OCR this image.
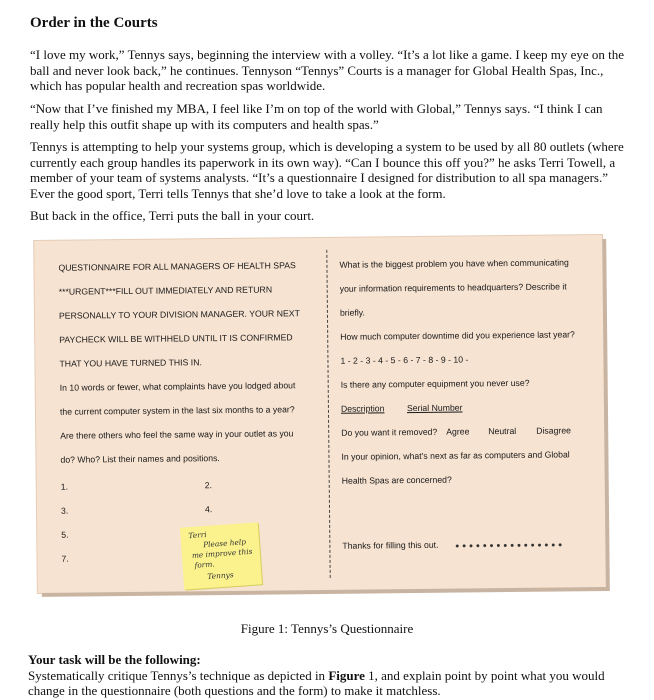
Order in the Courts

“I love my work,” Tennys says, beginning the interview with a volley. “It’s a lot like a game. I keep my eye on the ball and never look back,” he continues. Tennyson “Tennys” Courts is a manager for Global Health Spas, Inc., which has popular health and recreation spas worldwide.

“Now that I’ve finished my MBA, I feel like I’m on top of the world with Global,” Tennys says. “I think I can really help this outfit shape up with its computers and health spas.”

Tennys is attempting to help your systems group, which is developing a system to be used by all 80 outlets (where currently each group handles its paperwork in its own way). “Can I bounce this off you?” he asks Terri Towell, a member of your team of systems analysts. “It’s a questionnaire I designed for distribution to all spa managers.” Ever the good sport, Terri tells Tennys that she’d love to take a look at the form.

But back in the office, Terri puts the ball in your court.

QUESTIONNAIRE FOR ALL MANAGERS OF HEALTH SPAS
***URGENT***FILL OUT IMMEDIATELY AND RETURN
PERSONALLY TO YOUR DIVISION MANAGER. YOUR NEXT
PAYCHECK WILL BE WITHHELD UNTIL IT IS CONFIRMED
THAT YOU HAVE TURNED THIS IN.
In 10 words or fewer, what complaints have you lodged about
the current computer system in the last six months to a year?
Are there others who feel the same way in your outlet as you
do? Who? List their names and positions.
1.	2.
3.	4.
5.
7.
What is the biggest problem you have when communicating
your information requirements to headquarters? Describe it
briefly.
How much computer downtime did you experience last year?
1 - 2 - 3 - 4 - 5 - 6 - 7 - 8 - 9 - 10 -
Is there any computer equipment you never use?
Description	Serial Number
Do you want it removed? Agree Neutral Disagree
In your opinion, what’s next as far as computers and Global
Health Spas are concerned?
Thanks for filling this out. ••••••••••••••••
Terri
Please help
me improve this
form.
Tennys

Figure 1: Tennys’s Questionnaire

Your task will be the following:

Systematically critique Tennys’s technique as depicted in Figure 1, and explain point by point what you would change in the questionnaire (both questions and the form) to make it matchless.
